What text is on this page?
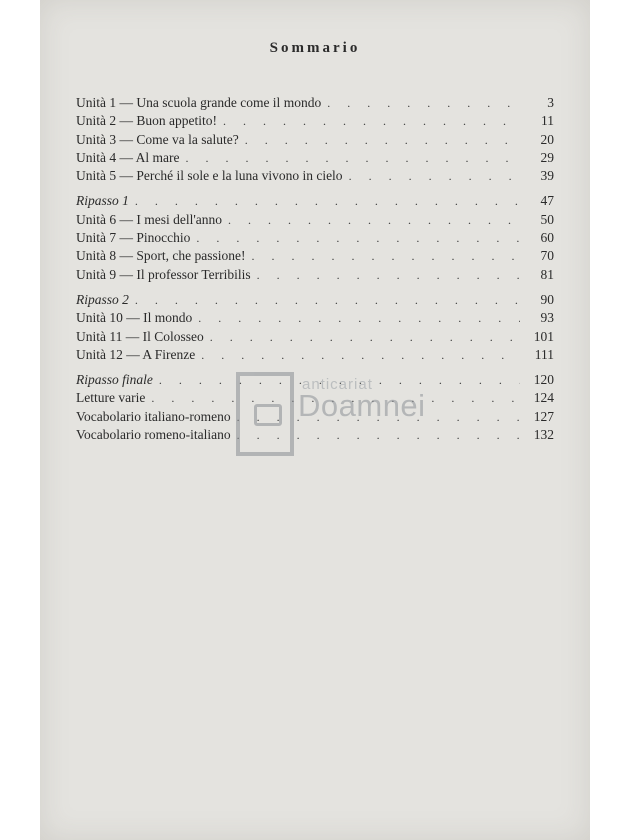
Sommario
Unità 1 — Una scuola grande come il mondo . . .	3
Unità 2 — Buon appetito! . . .	11
Unità 3 — Come va la salute? . . .	20
Unità 4 — Al mare . . .	29
Unità 5 — Perché il sole e la luna vivono in cielo . . .	39
Ripasso 1 . . .	47
Unità 6 — I mesi dell'anno . . .	50
Unità 7 — Pinocchio . . .	60
Unità 8 — Sport, che passione! . . .	70
Unità 9 — Il professor Terribilis . . .	81
Ripasso 2 . . .	90
Unità 10 — Il mondo . . .	93
Unità 11 — Il Colosseo . . .	101
Unità 12 — A Firenze . . .	111
Ripasso finale . . .	120
Letture varie . . .	124
Vocabolario italiano-romeno . . .	127
Vocabolario romeno-italiano . . .	132
anticariat
Doamnei
